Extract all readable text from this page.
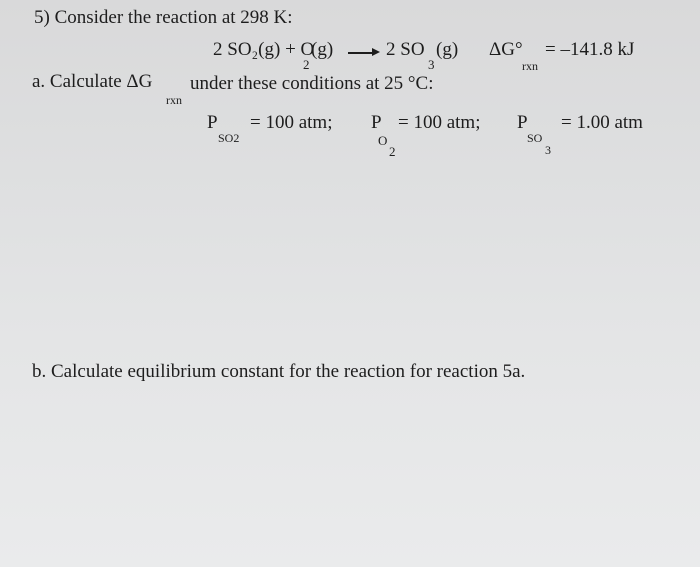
5) Consider the reaction at 298 K:
2 SO₂(g) + O
2
(g)	2 SO
3
(g) ΔG°
rxn
= –141.8 kJ
a. Calculate ΔG
rxn
under these conditions at 25 °C:
P
SO2
= 100 atm; P
O
2
= 100 atm; P
SO
3
= 1.00 atm
b. Calculate equilibrium constant for the reaction for reaction 5a.
